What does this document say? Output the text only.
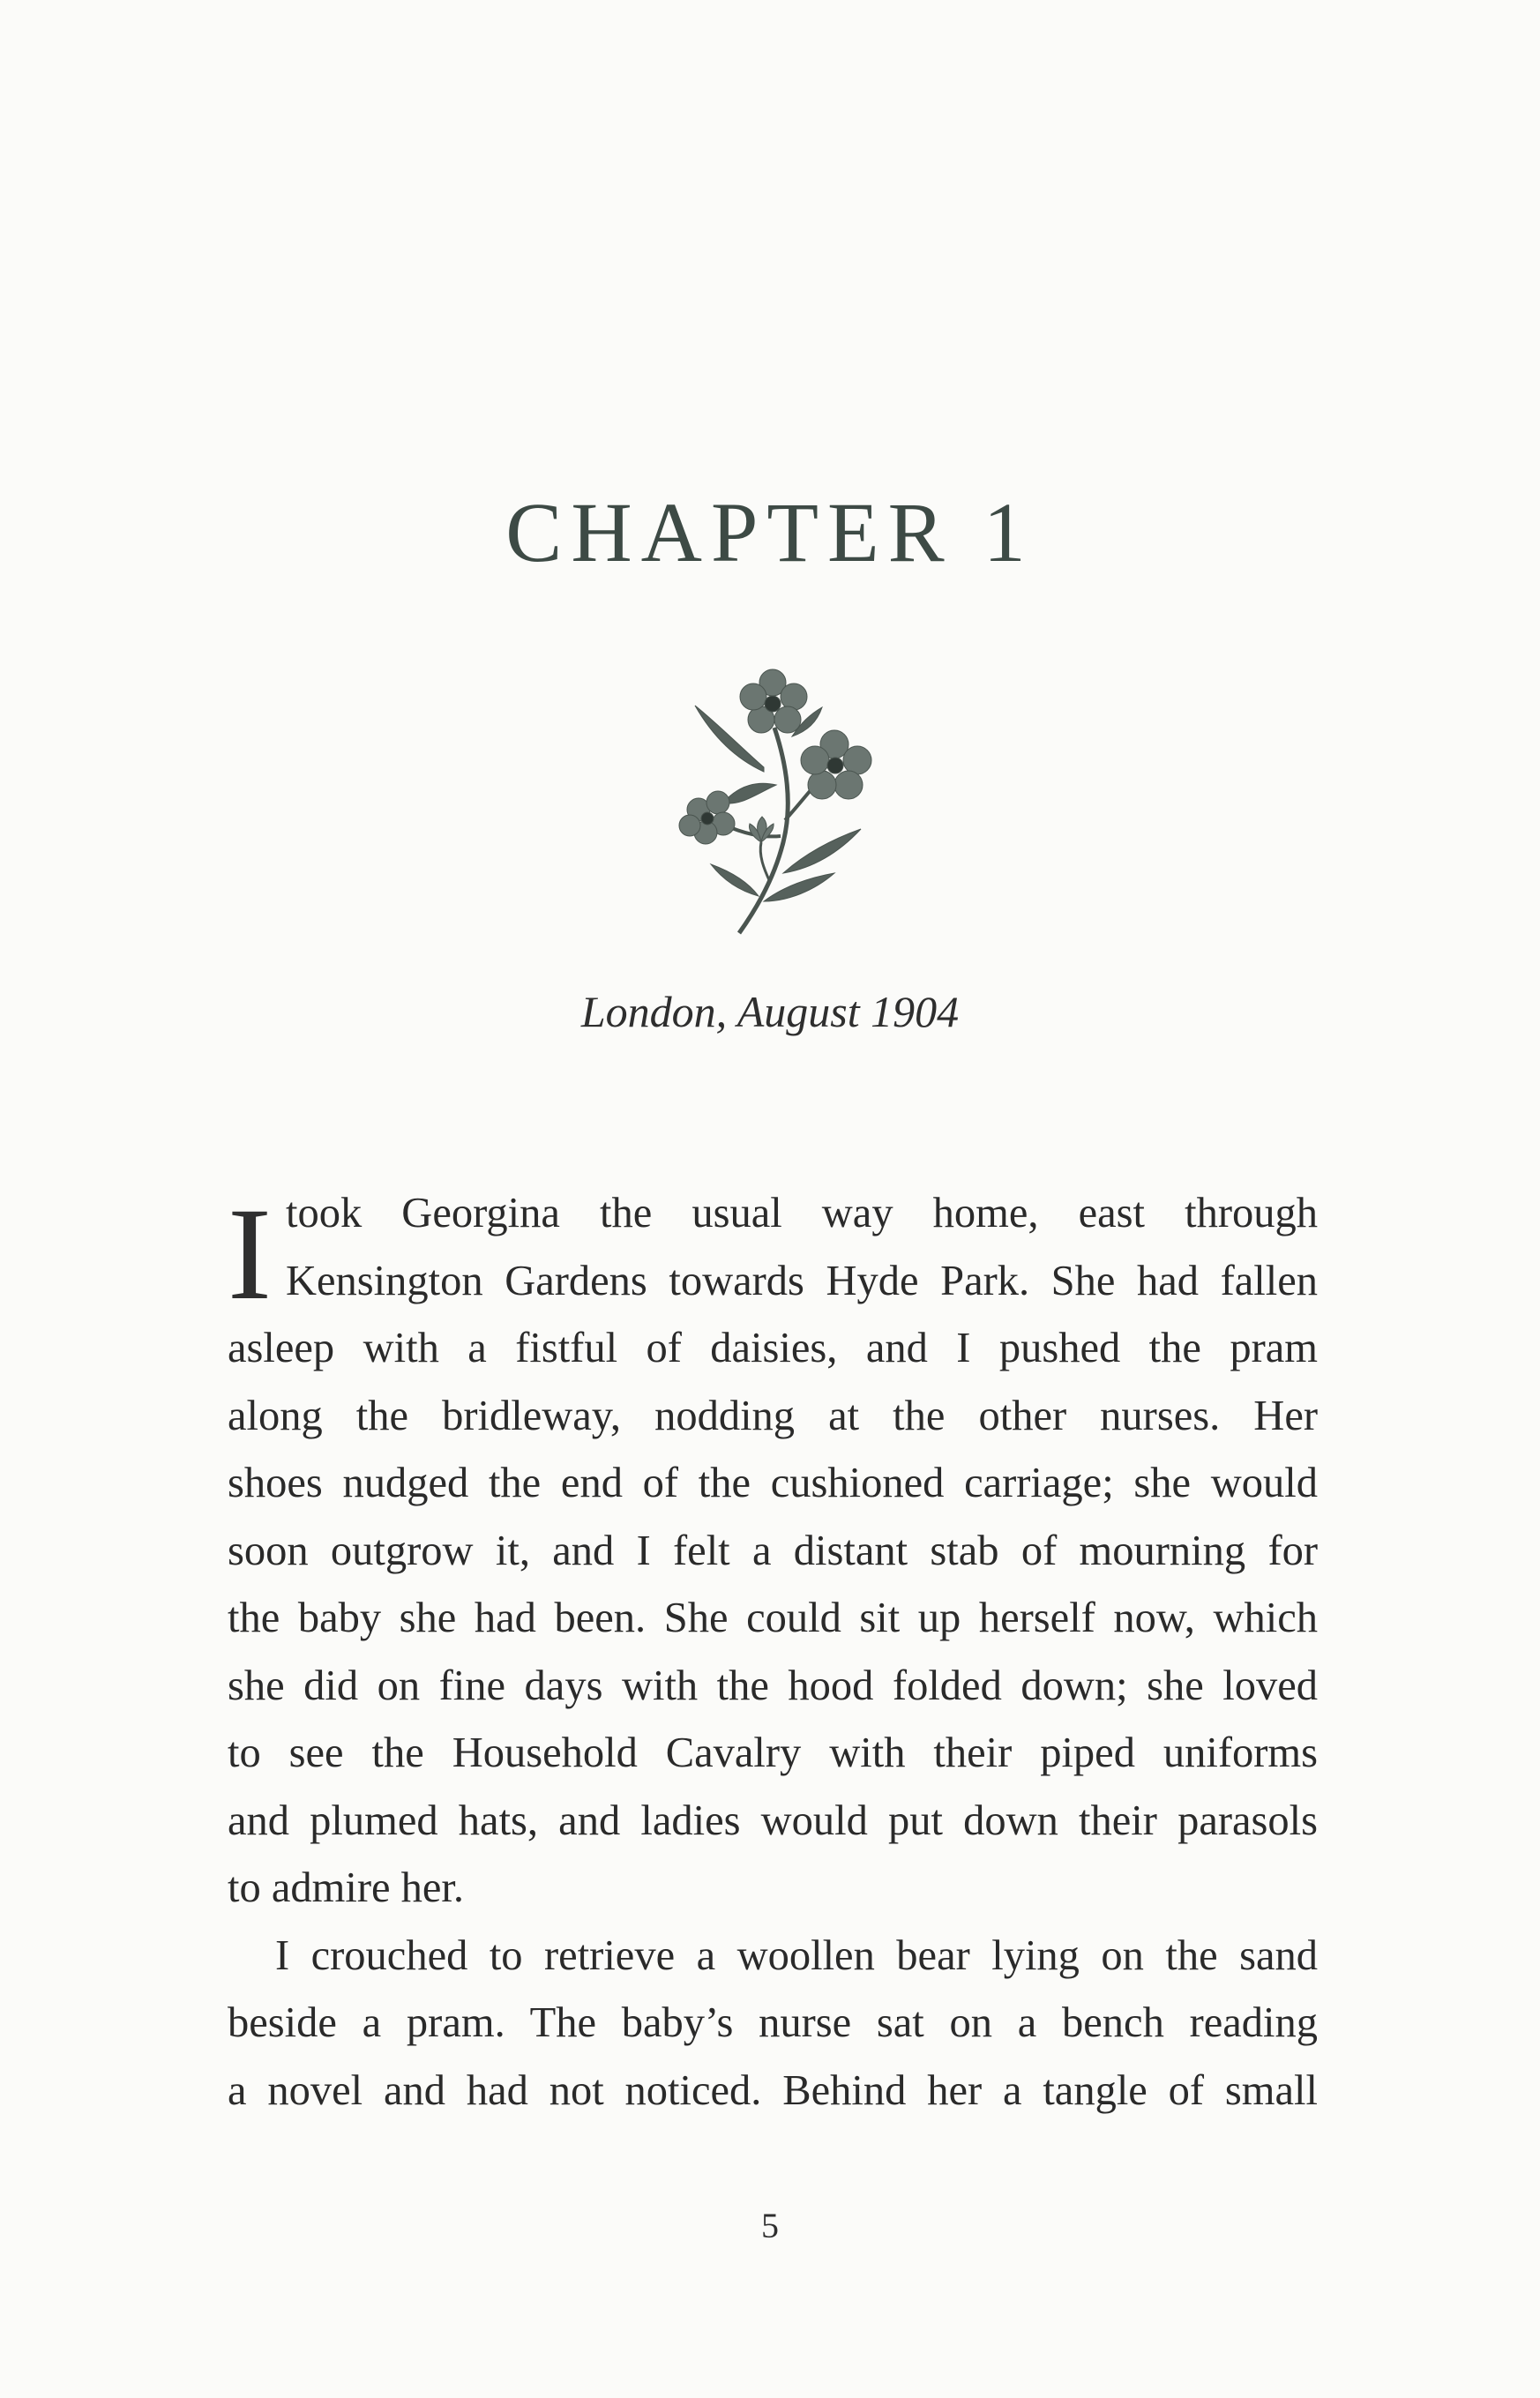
CHAPTER 1
London, August 1904
I took Georgina the usual way home, east through
Kensington Gardens towards Hyde Park. She had fallen
asleep with a fistful of daisies, and I pushed the pram
along the bridleway, nodding at the other nurses. Her
shoes nudged the end of the cushioned carriage; she would
soon outgrow it, and I felt a distant stab of mourning for
the baby she had been. She could sit up herself now, which
she did on fine days with the hood folded down; she loved
to see the Household Cavalry with their piped uniforms
and plumed hats, and ladies would put down their parasols
to admire her.
I crouched to retrieve a woollen bear lying on the sand
beside a pram. The baby’s nurse sat on a bench reading
a novel and had not noticed. Behind her a tangle of small
5
